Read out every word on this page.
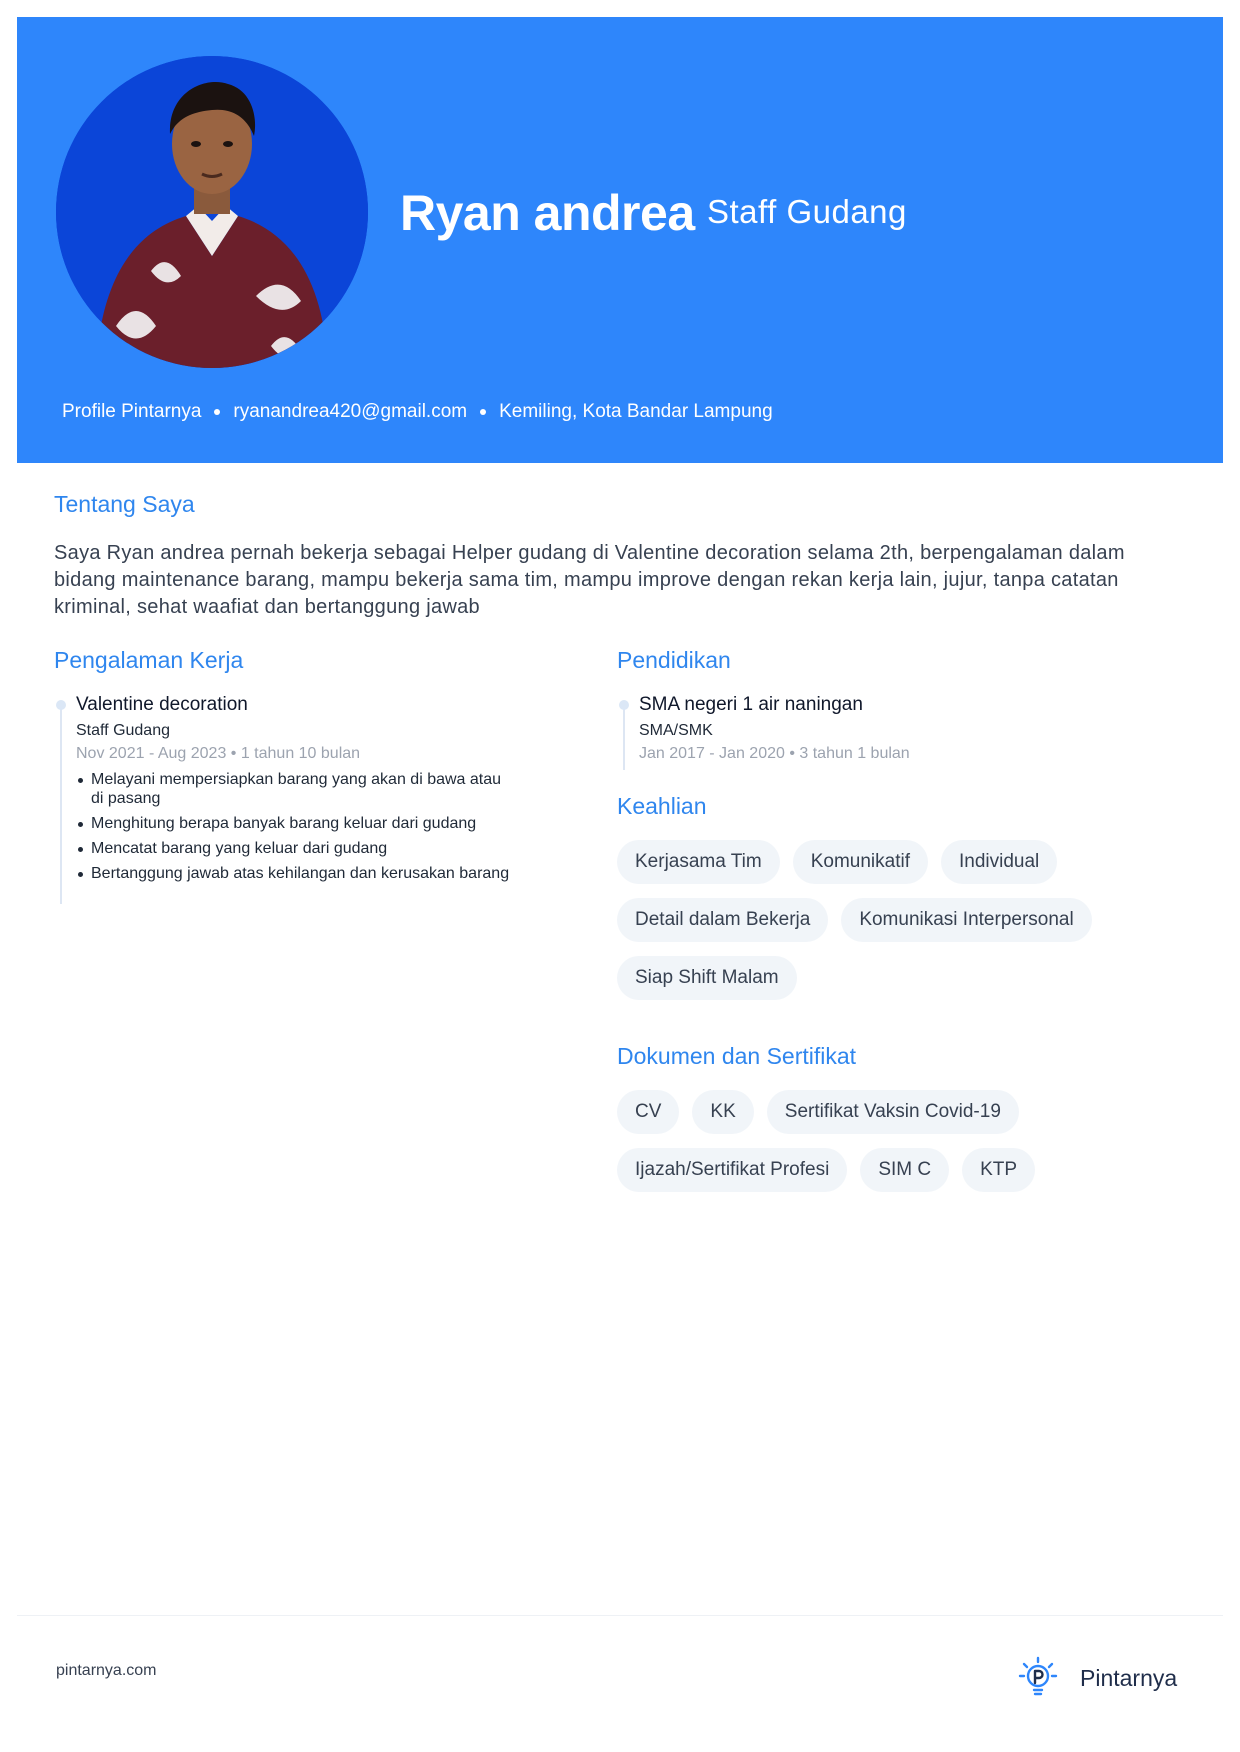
Ryan andrea Staff Gudang
Profile Pintarnya ryanandrea420@gmail.com Kemiling, Kota Bandar Lampung
Tentang Saya
Saya Ryan andrea pernah bekerja sebagai Helper gudang di Valentine decoration selama 2th, berpengalaman dalam bidang maintenance barang, mampu bekerja sama tim, mampu improve dengan rekan kerja lain, jujur, tanpa catatan kriminal, sehat waafiat dan bertanggung jawab
Pengalaman Kerja
Valentine decoration
Staff Gudang
Nov 2021 - Aug 2023 • 1 tahun 10 bulan
Melayani mempersiapkan barang yang akan di bawa atau di pasang
Menghitung berapa banyak barang keluar dari gudang
Mencatat barang yang keluar dari gudang
Bertanggung jawab atas kehilangan dan kerusakan barang
Pendidikan
SMA negeri 1 air naningan
SMA/SMK
Jan 2017 - Jan 2020 • 3 tahun 1 bulan
Keahlian
Kerjasama Tim	Komunikatif	Individual
Detail dalam Bekerja	Komunikasi Interpersonal
Siap Shift Malam
Dokumen dan Sertifikat
CV	KK	Sertifikat Vaksin Covid-19
Ijazah/Sertifikat Profesi	SIM C	KTP
pintarnya.com	Pintarnya
